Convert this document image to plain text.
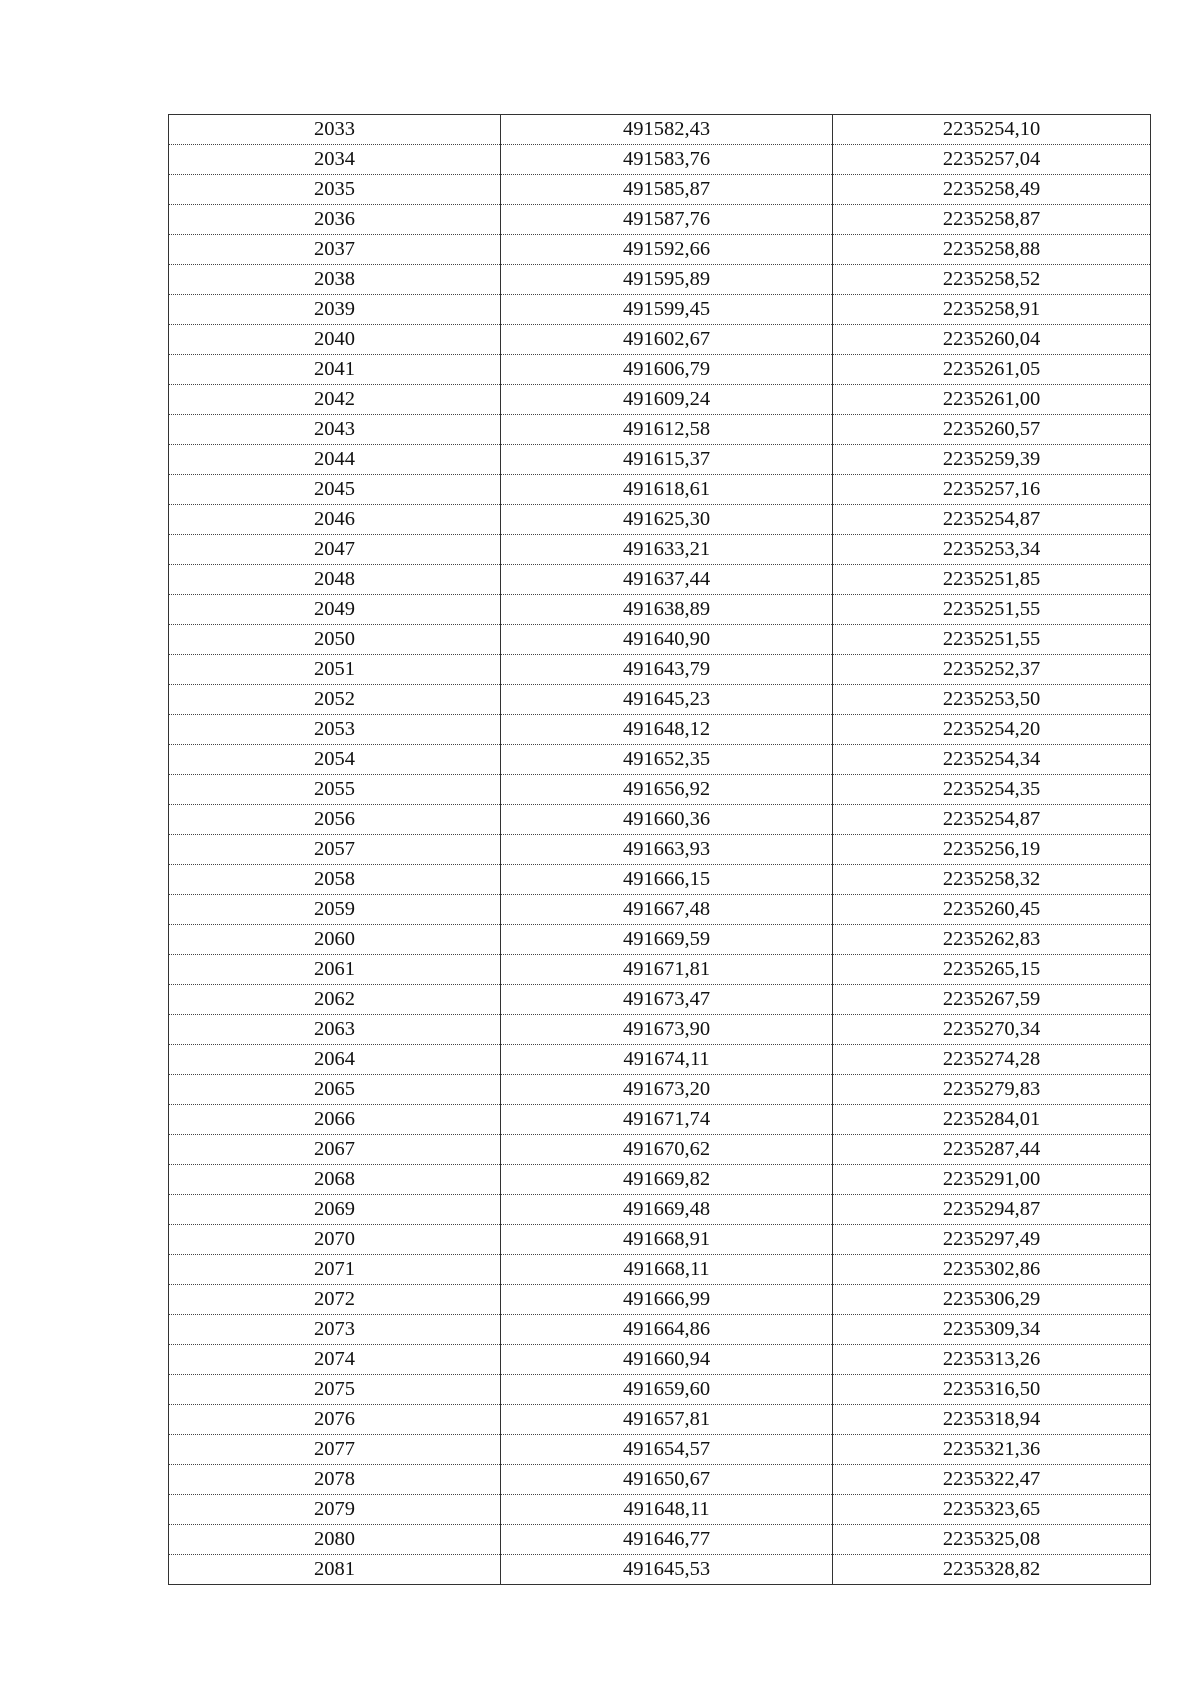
2033	491582,43	2235254,10
2034	491583,76	2235257,04
2035	491585,87	2235258,49
2036	491587,76	2235258,87
2037	491592,66	2235258,88
2038	491595,89	2235258,52
2039	491599,45	2235258,91
2040	491602,67	2235260,04
2041	491606,79	2235261,05
2042	491609,24	2235261,00
2043	491612,58	2235260,57
2044	491615,37	2235259,39
2045	491618,61	2235257,16
2046	491625,30	2235254,87
2047	491633,21	2235253,34
2048	491637,44	2235251,85
2049	491638,89	2235251,55
2050	491640,90	2235251,55
2051	491643,79	2235252,37
2052	491645,23	2235253,50
2053	491648,12	2235254,20
2054	491652,35	2235254,34
2055	491656,92	2235254,35
2056	491660,36	2235254,87
2057	491663,93	2235256,19
2058	491666,15	2235258,32
2059	491667,48	2235260,45
2060	491669,59	2235262,83
2061	491671,81	2235265,15
2062	491673,47	2235267,59
2063	491673,90	2235270,34
2064	491674,11	2235274,28
2065	491673,20	2235279,83
2066	491671,74	2235284,01
2067	491670,62	2235287,44
2068	491669,82	2235291,00
2069	491669,48	2235294,87
2070	491668,91	2235297,49
2071	491668,11	2235302,86
2072	491666,99	2235306,29
2073	491664,86	2235309,34
2074	491660,94	2235313,26
2075	491659,60	2235316,50
2076	491657,81	2235318,94
2077	491654,57	2235321,36
2078	491650,67	2235322,47
2079	491648,11	2235323,65
2080	491646,77	2235325,08
2081	491645,53	2235328,82
